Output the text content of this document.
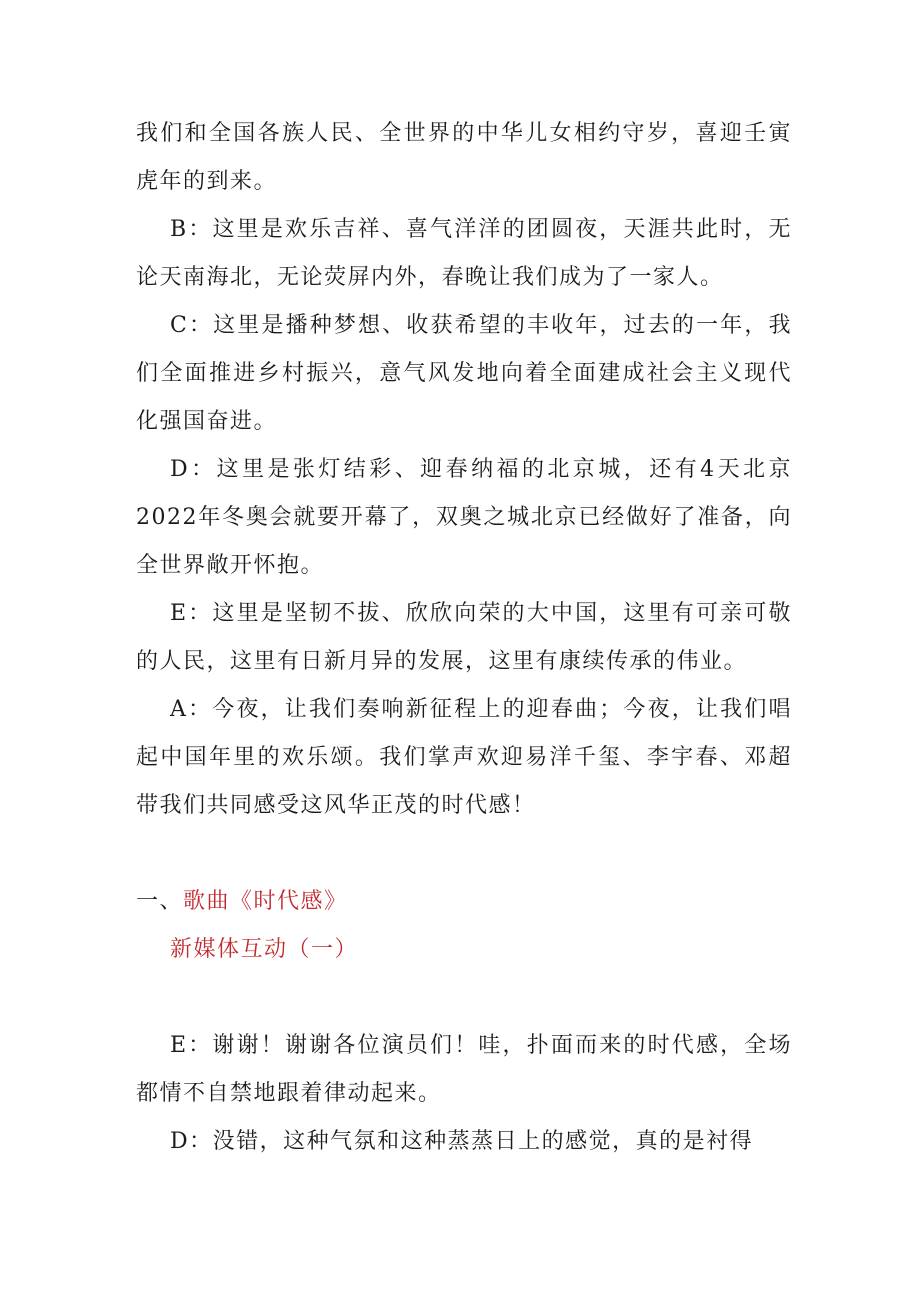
我们和全国各族人民、全世界的中华儿女相约守岁，喜迎壬寅虎年的到来。

B：这里是欢乐吉祥、喜气洋洋的团圆夜，天涯共此时，无论天南海北，无论荧屏内外，春晚让我们成为了一家人。

C：这里是播种梦想、收获希望的丰收年，过去的一年，我们全面推进乡村振兴，意气风发地向着全面建成社会主义现代化强国奋进。

D：这里是张灯结彩、迎春纳福的北京城，还有4天北京2022年冬奥会就要开幕了，双奥之城北京已经做好了准备，向全世界敞开怀抱。

E：这里是坚韧不拔、欣欣向荣的大中国，这里有可亲可敬的人民，这里有日新月异的发展，这里有康续传承的伟业。

A：今夜，让我们奏响新征程上的迎春曲；今夜，让我们唱起中国年里的欢乐颂。我们掌声欢迎易洋千玺、李宇春、邓超带我们共同感受这风华正茂的时代感！

一、歌曲《时代感》

新媒体互动（一）

E：谢谢！谢谢各位演员们！哇，扑面而来的时代感，全场都情不自禁地跟着律动起来。

D：没错，这种气氛和这种蒸蒸日上的感觉，真的是衬得
